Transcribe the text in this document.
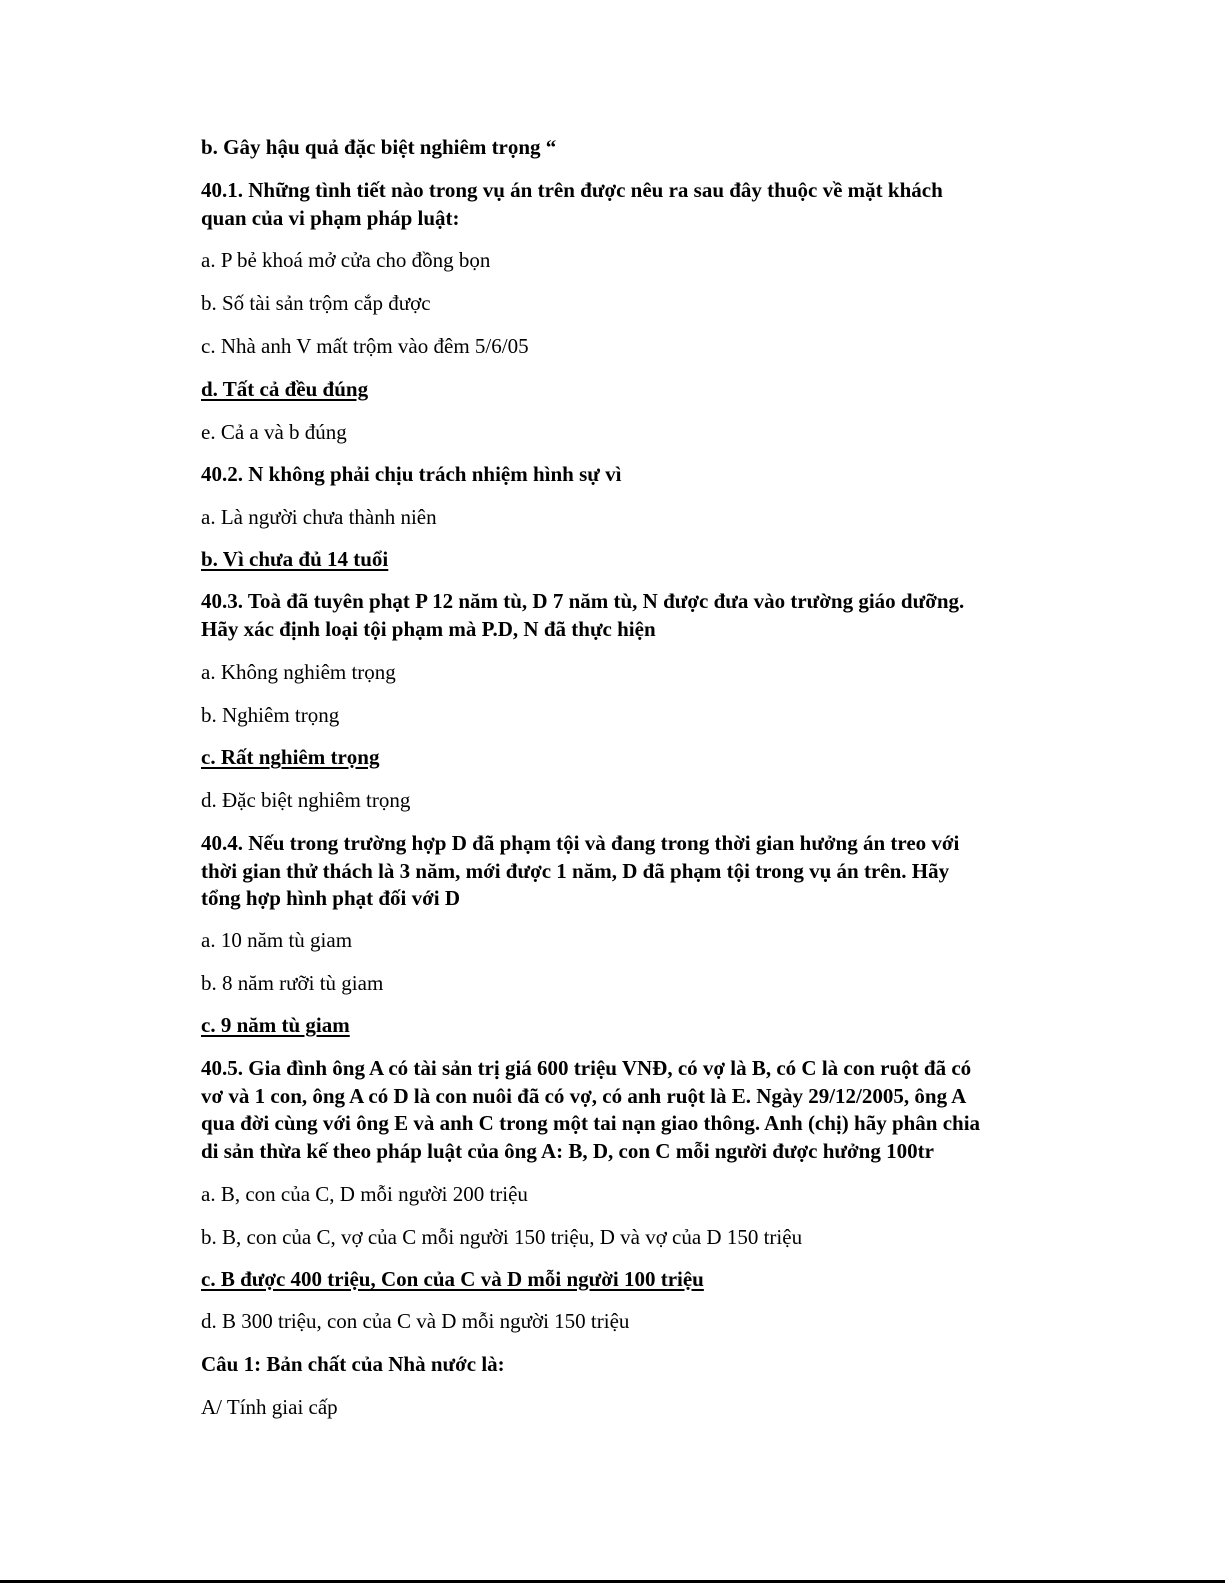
b. Gây hậu quả đặc biệt nghiêm trọng “
40.1. Những tình tiết nào trong vụ án trên được nêu ra sau đây thuộc về mặt khách
quan của vi phạm pháp luật:
a. P bẻ khoá mở cửa cho đồng bọn
b. Số tài sản trộm cắp được
c. Nhà anh V mất trộm vào đêm 5/6/05
d. Tất cả đều đúng
e. Cả a và b đúng
40.2. N không phải chịu trách nhiệm hình sự vì
a. Là người chưa thành niên
b. Vì chưa đủ 14 tuổi
40.3. Toà đã tuyên phạt P 12 năm tù, D 7 năm tù, N được đưa vào trường giáo dưỡng.
Hãy xác định loại tội phạm mà P.D, N đã thực hiện
a. Không nghiêm trọng
b. Nghiêm trọng
c. Rất nghiêm trọng
d. Đặc biệt nghiêm trọng
40.4. Nếu trong trường hợp D đã phạm tội và đang trong thời gian hưởng án treo với
thời gian thử thách là 3 năm, mới được 1 năm, D đã phạm tội trong vụ án trên. Hãy
tổng hợp hình phạt đối với D
a. 10 năm tù giam
b. 8 năm rưỡi tù giam
c. 9 năm tù giam
40.5. Gia đình ông A có tài sản trị giá 600 triệu VNĐ, có vợ là B, có C là con ruột đã có
vơ và 1 con, ông A có D là con nuôi đã có vợ, có anh ruột là E. Ngày 29/12/2005, ông A
qua đời cùng với ông E và anh C trong một tai nạn giao thông. Anh (chị) hãy phân chia
di sản thừa kế theo pháp luật của ông A: B, D, con C mỗi người được hưởng 100tr
a. B, con của C, D mỗi người 200 triệu
b. B, con của C, vợ của C mỗi người 150 triệu, D và vợ của D 150 triệu
c. B được 400 triệu, Con của C và D mỗi người 100 triệu
d. B 300 triệu, con của C và D mỗi người 150 triệu
Câu 1: Bản chất của Nhà nước là:
A/ Tính giai cấp
